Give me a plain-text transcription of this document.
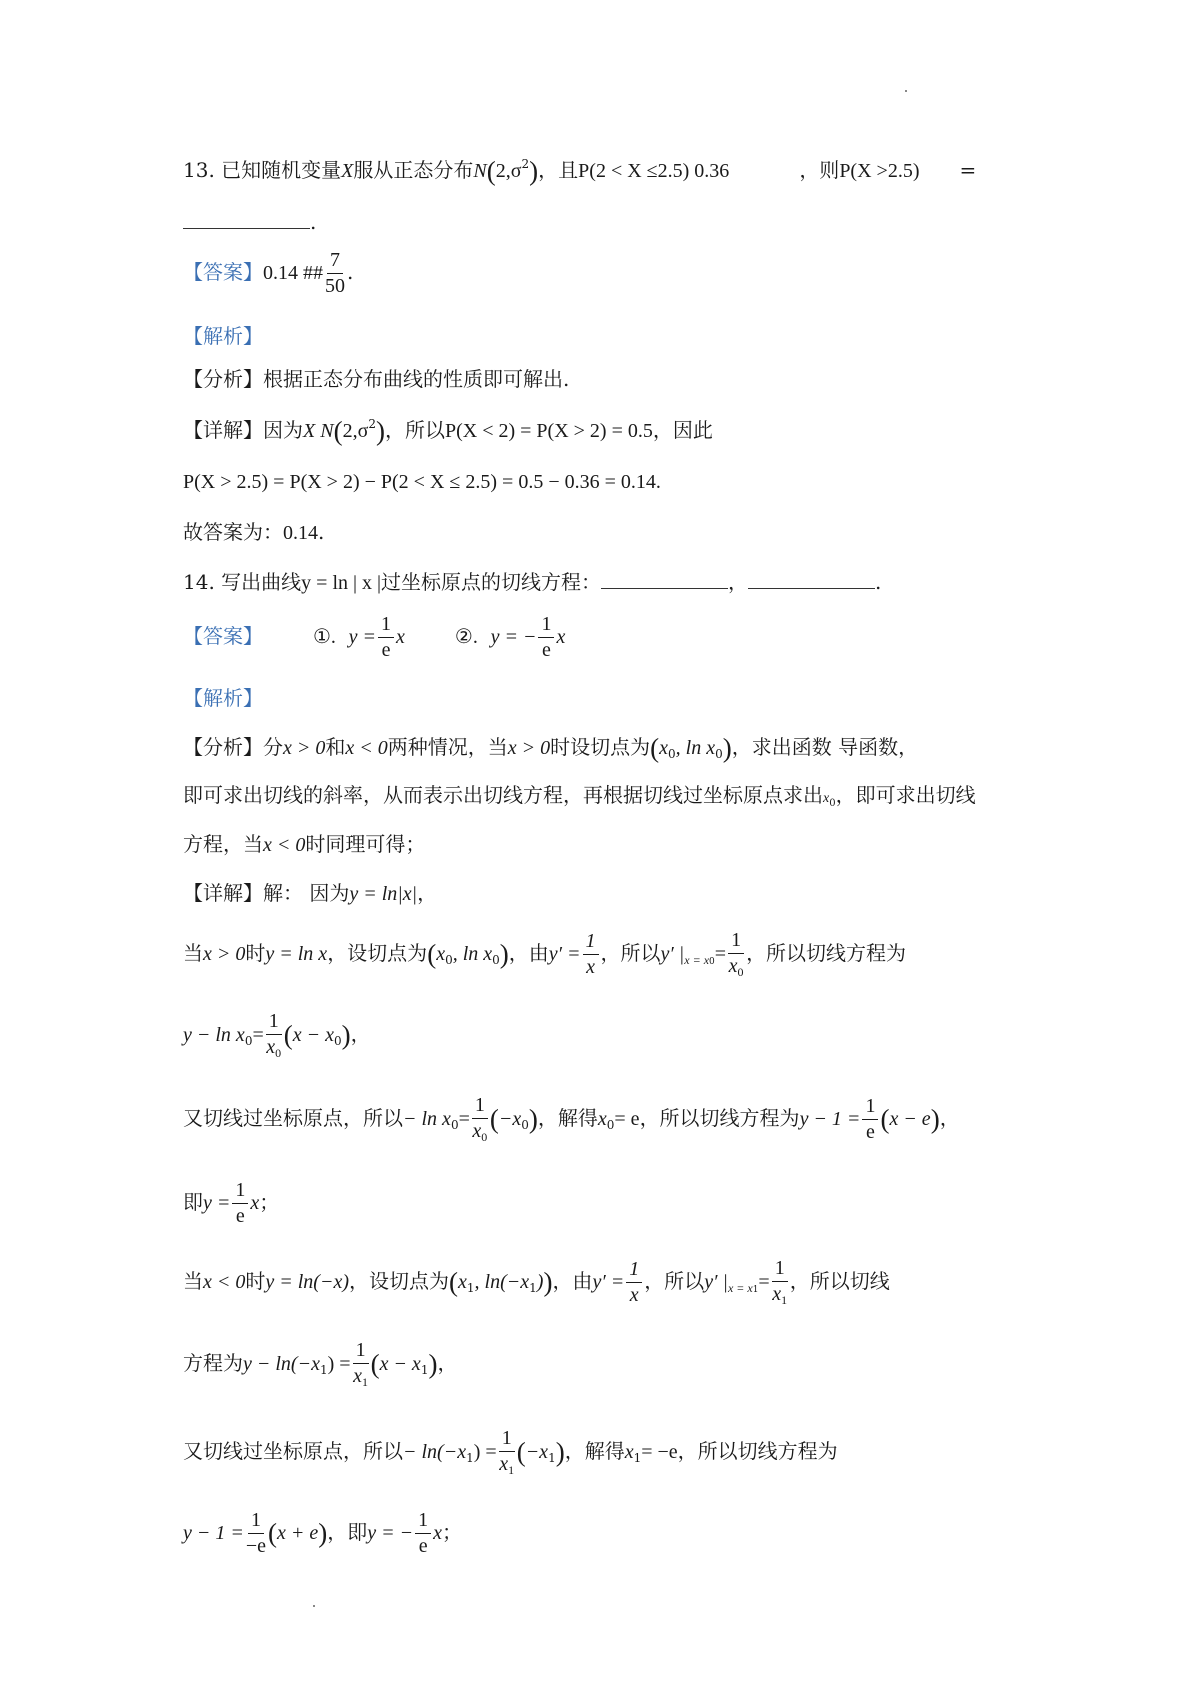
13. 已知随机变量X服从正态分布$N(2,\sigma^2)$，且P(2 < X ≤2.5) 0.36	，则P(X >2.5) =
.
【答案】0.14 ## $\frac{7}{50}$ .
【解析】
【分析】根据正态分布曲线的性质即可解出.
【详解】因为X $N(2,\sigma^2)$，所以P(X < 2) = P(X > 2) = 0.5，因此
P(X > 2.5) = P(X > 2) − P(2 < X ≤ 2.5) = 0.5 − 0.36 = 0.14.
故答案为：0.14.
14. 写出曲线y = ln | x |过坐标原点的切线方程：	，	.
【答案】	①. $y = \frac{1}{e}$ x	②. y = − $\frac{1}{e}$ x
【解析】
【分析】分x > 0和x < 0两种情况，当x > 0时设切点为($x_0$, $\ln x_0$)，求出函数 导函数，
即可求出切线的斜率，从而表示出切线方程，再根据切线过坐标原点求出$x_0$，即可求出切线
方程，当x < 0时同理可得；
【详解】解： 因为y = ln|x|，
当x > 0时y = ln x，设切点为($x_0$, $\ln x_0$)，由$y' = \frac{1}{x}$ ，所以y′ $|_{x = x0}= \frac{1}{x_0}$ ，所以切线方程为
$y - \ln x_0= \frac{1}{x_0} (x - x_0)$，
又切线过坐标原点，所以− $\ln x_0= \frac{1}{x_0} (-x_0)$，解得$x_0= e$，所以切线方程为$y - 1 = \frac{1}{e} (x - e)$，
即$y = \frac{1}{e}$ x；
当x < 0时y = ln(−x)，设切点为($x_1$, $\ln(-x_1)$)，由$y' = \frac{1}{x}$ ，所以y′ $|_{x = x1}= \frac{1}{x_1}$ ，所以切线
方程为$y - \ln(-x_1) = \frac{1}{x_1} (x - x_1)$，
又切线过坐标原点，所以− $\ln(-x_1) = \frac{1}{x_1} (-x_1)$，解得$x_1= -e$，所以切线方程为
$y - 1 = \frac{1}{-e} (x + e)$，即y = − $\frac{1}{e}$ x；
